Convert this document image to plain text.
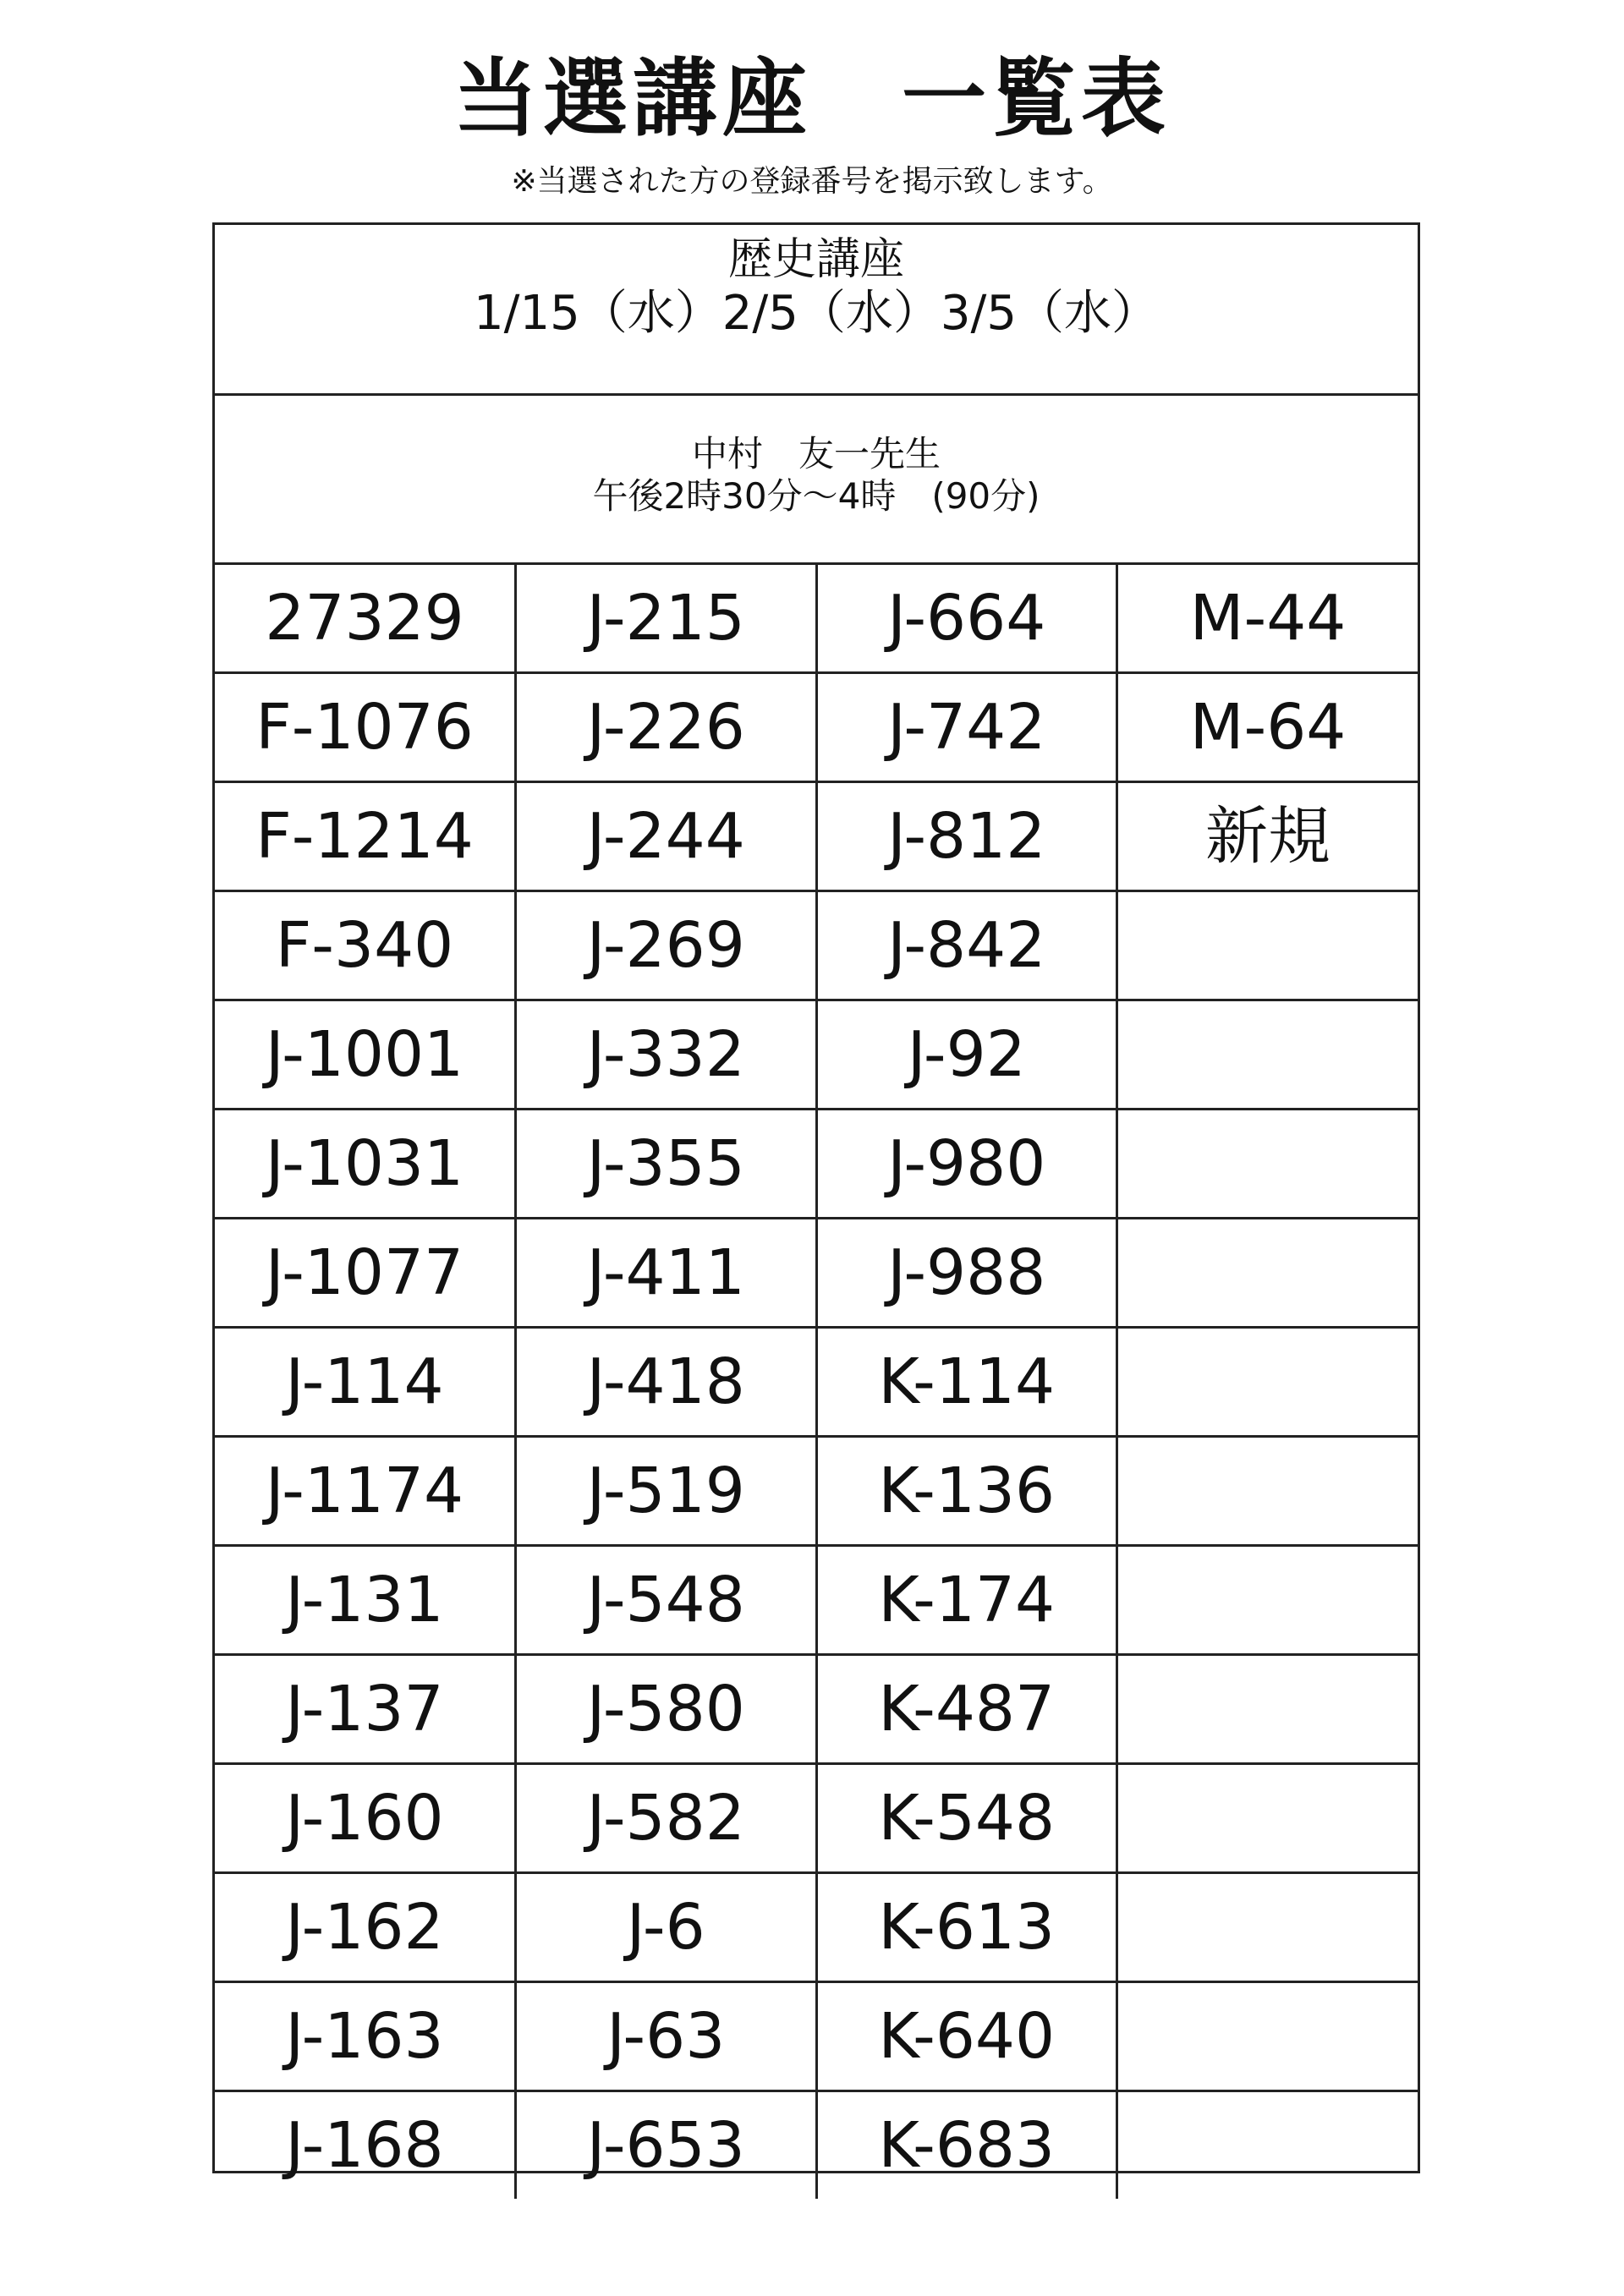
当選講座　一覧表
※当選された方の登録番号を掲示致します。
歴史講座
1/15（水）2/5（水）3/5（水）
中村　友一先生
午後2時30分～4時　(90分)
27329	J-215	J-664	M-44
F-1076	J-226	J-742	M-64
F-1214	J-244	J-812	新規
F-340	J-269	J-842	
J-1001	J-332	J-92	
J-1031	J-355	J-980	
J-1077	J-411	J-988	
J-114	J-418	K-114	
J-1174	J-519	K-136	
J-131	J-548	K-174	
J-137	J-580	K-487	
J-160	J-582	K-548	
J-162	J-6	K-613	
J-163	J-63	K-640	
J-168	J-653	K-683	
